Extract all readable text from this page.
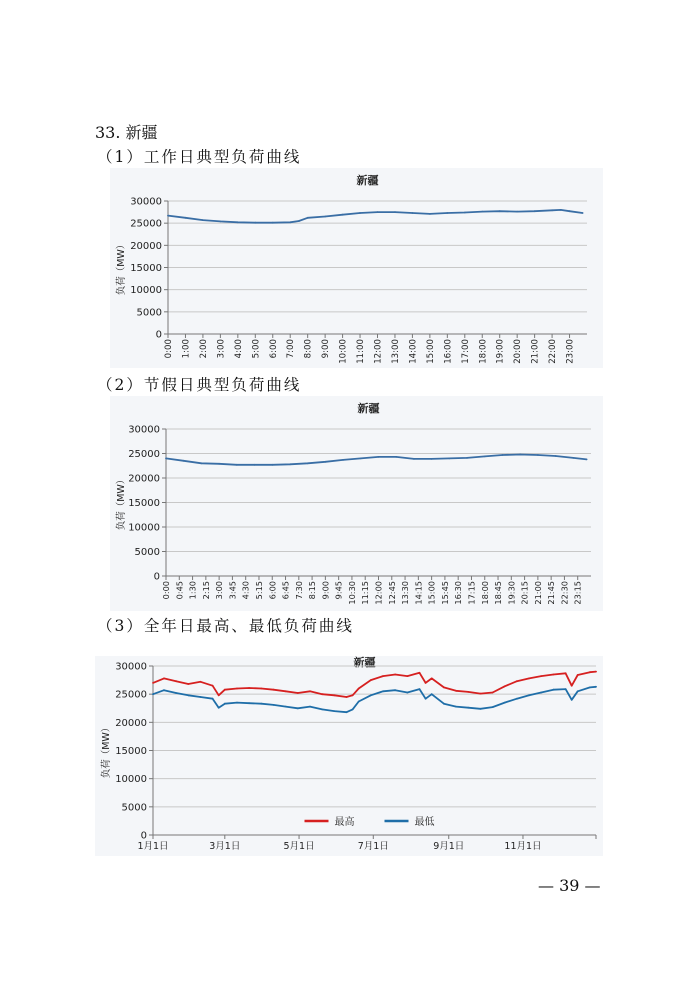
33. 新疆
（1）工作日典型负荷曲线
新疆
0
5000
10000
15000
20000
25000
30000
负荷（MW）
0:00 1:00 2:00 3:00 4:00 5:00 6:00 7:00 8:00 9:00 10:00 11:00 12:00 13:00 14:00 15:00 16:00 17:00 18:00 19:00 20:00 21:00 22:00 23:00
（2）节假日典型负荷曲线
新疆
0
5000
10000
15000
20000
25000
30000
负荷（MW）
0:00 0:45 1:30 2:15 3:00 3:45 4:30 5:15 6:00 6:45 7:30 8:15 9:00 9:45 10:30 11:15 12:00 12:45 13:30 14:15 15:00 15:45 16:30 17:15 18:00 18:45 19:30 20:15 21:00 21:45 22:30 23:15
（3）全年日最高、最低负荷曲线
新疆
0
5000
10000
15000
20000
25000
30000
负荷（MW）
1月1日	3月1日	5月1日	7月1日	9月1日	11月1日
最高	最低
— 39 —
